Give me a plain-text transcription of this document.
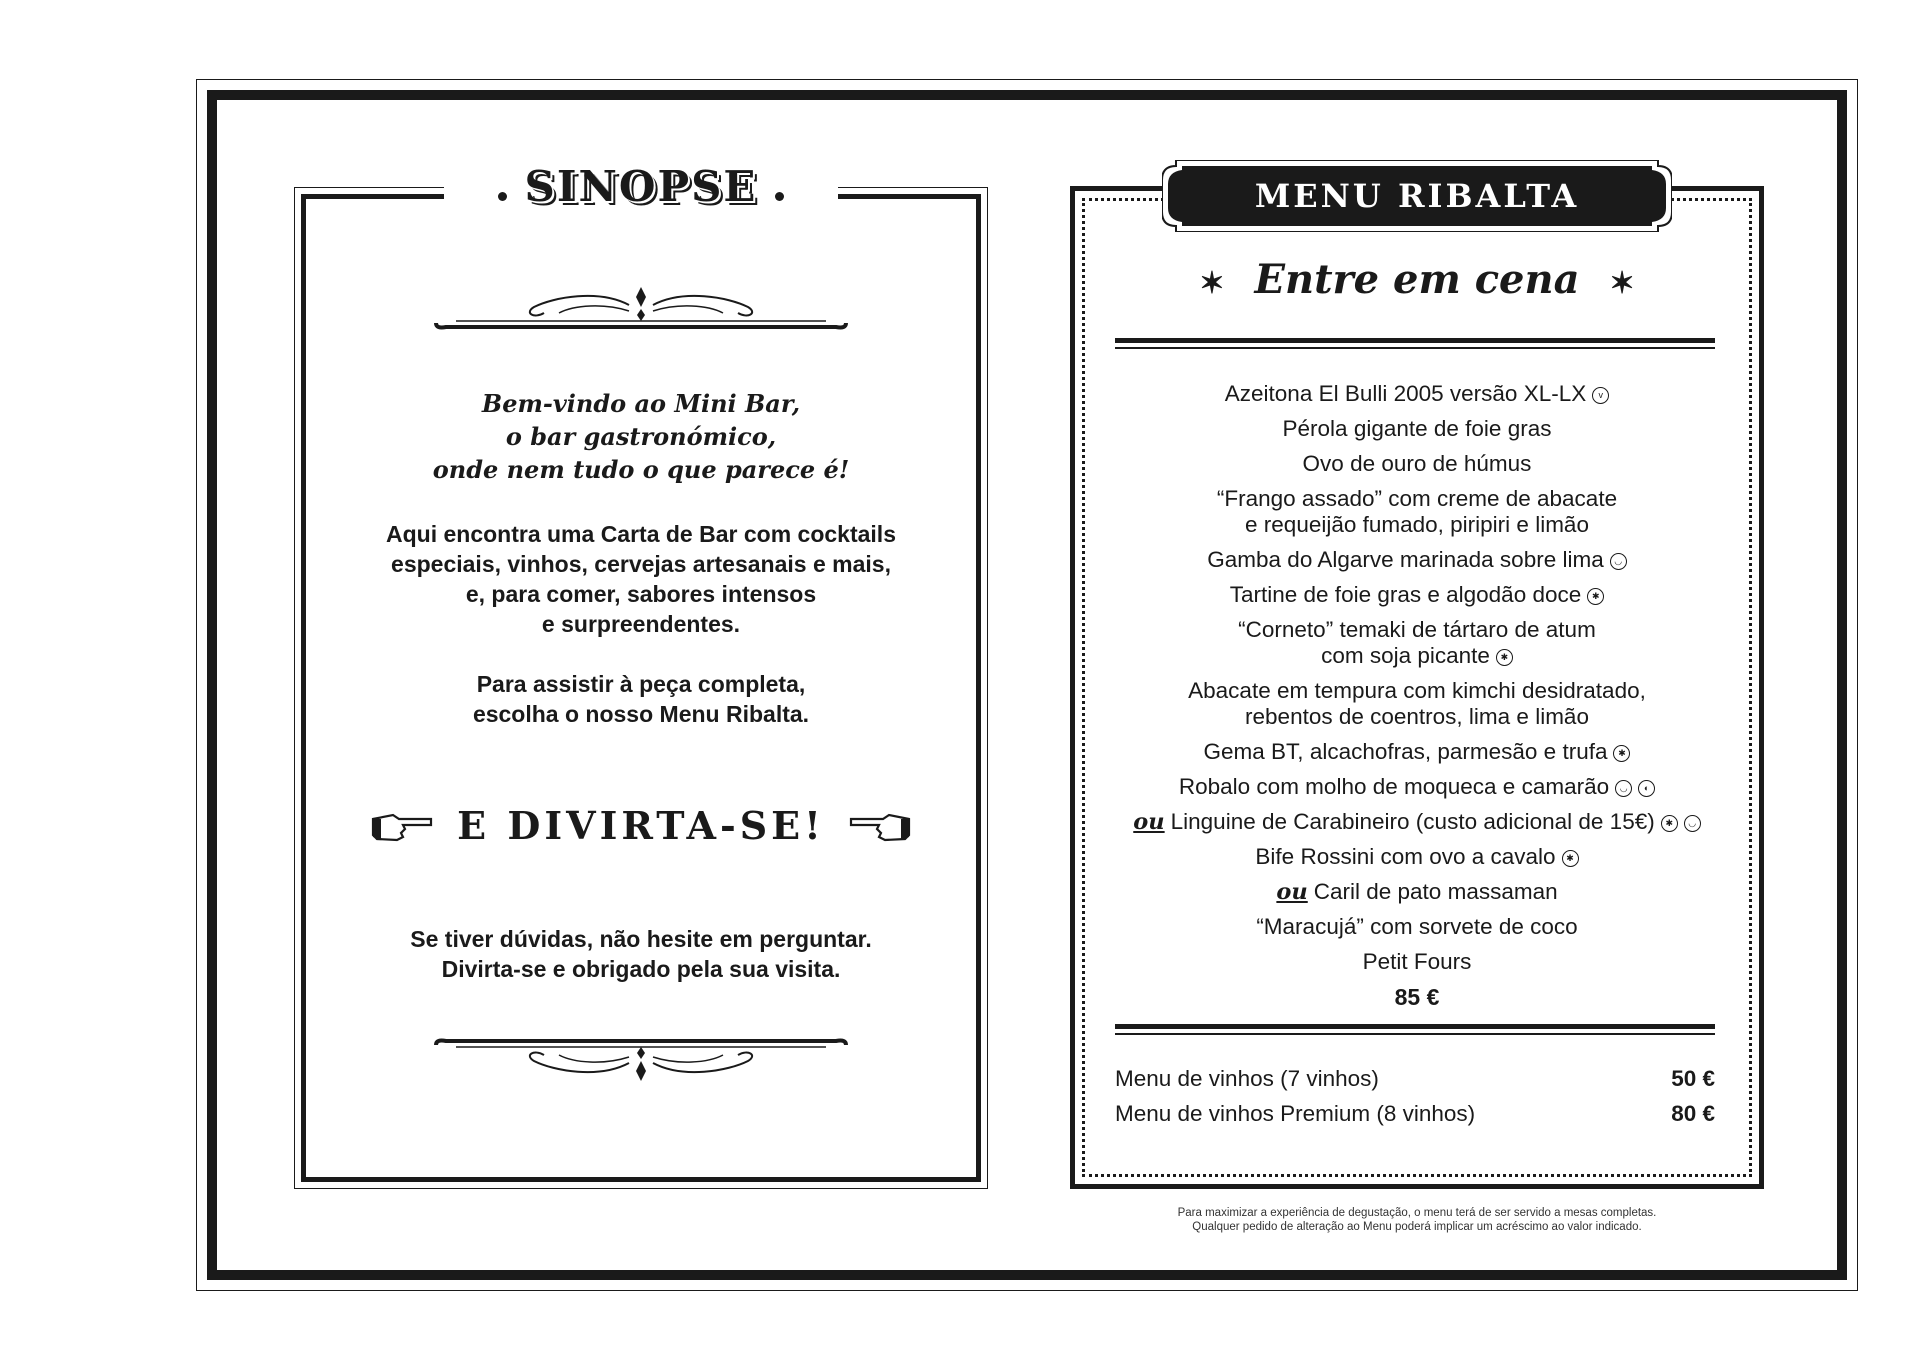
SINOPSE
Bem-vindo ao Mini Bar,
o bar gastronómico,
onde nem tudo o que parece é!
Aqui encontra uma Carta de Bar com cocktails
especiais, vinhos, cervejas artesanais e mais,
e, para comer, sabores intensos
e surpreendentes.
Para assistir à peça completa,
escolha o nosso Menu Ribalta.
E DIVIRTA-SE!
Se tiver dúvidas, não hesite em perguntar.
Divirta-se e obrigado pela sua visita.
MENU RIBALTA
✶ Entre em cena ✶
Azeitona El Bulli 2005 versão XL-LX v
Pérola gigante de foie gras
Ovo de ouro de húmus
“Frango assado” com creme de abacate
e requeijão fumado, piripiri e limão
Gamba do Algarve marinada sobre lima ◡
Tartine de foie gras e algodão doce ✱
“Corneto” temaki de tártaro de atum
com soja picante ✱
Abacate em tempura com kimchi desidratado,
rebentos de coentros, lima e limão
Gema BT, alcachofras, parmesão e trufa ✱
Robalo com molho de moqueca e camarão ◡ ◐
ou Linguine de Carabineiro (custo adicional de 15€) ✱ ◡
Bife Rossini com ovo a cavalo ✱
ou Caril de pato massaman
“Maracujá” com sorvete de coco
Petit Fours
85 €
Menu de vinhos (7 vinhos)	50 €
Menu de vinhos Premium (8 vinhos)	80 €
Para maximizar a experiência de degustação, o menu terá de ser servido a mesas completas.
Qualquer pedido de alteração ao Menu poderá implicar um acréscimo ao valor indicado.
